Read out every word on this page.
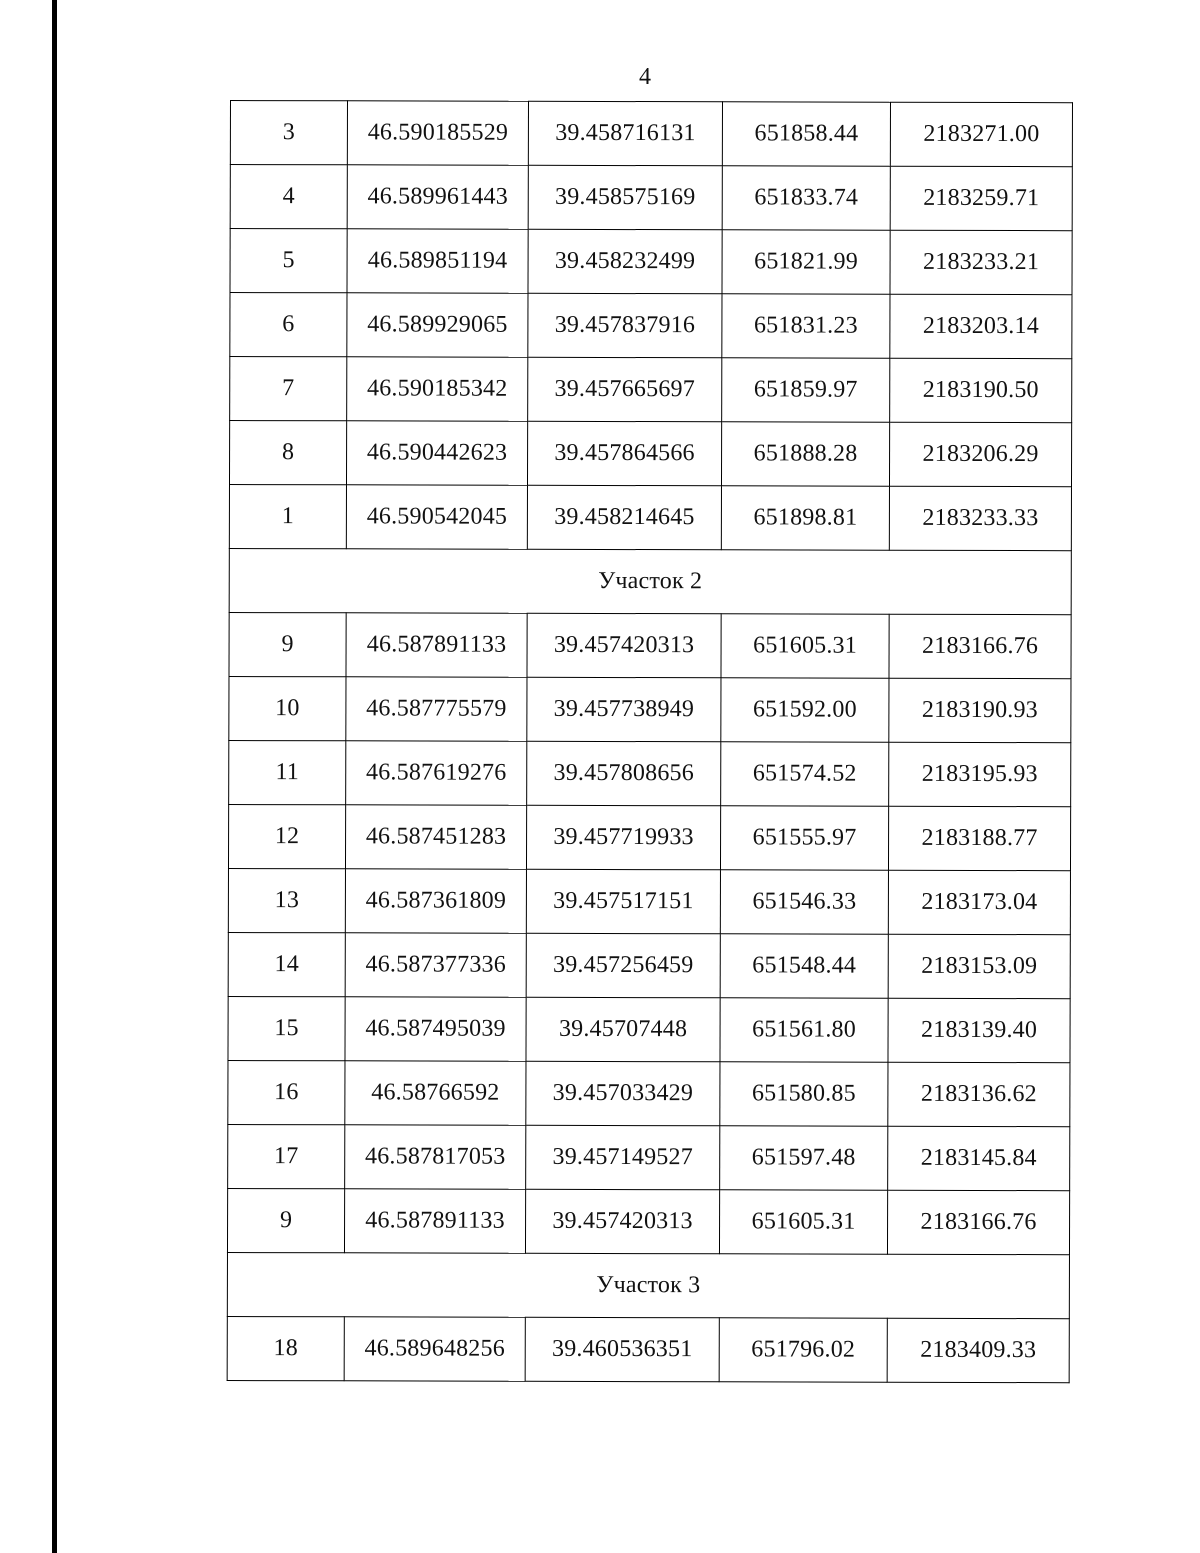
4
3	46.590185529	39.458716131	651858.44	2183271.00
4	46.589961443	39.458575169	651833.74	2183259.71
5	46.589851194	39.458232499	651821.99	2183233.21
6	46.589929065	39.457837916	651831.23	2183203.14
7	46.590185342	39.457665697	651859.97	2183190.50
8	46.590442623	39.457864566	651888.28	2183206.29
1	46.590542045	39.458214645	651898.81	2183233.33
Участок 2				
9	46.587891133	39.457420313	651605.31	2183166.76
10	46.587775579	39.457738949	651592.00	2183190.93
11	46.587619276	39.457808656	651574.52	2183195.93
12	46.587451283	39.457719933	651555.97	2183188.77
13	46.587361809	39.457517151	651546.33	2183173.04
14	46.587377336	39.457256459	651548.44	2183153.09
15	46.587495039	39.45707448	651561.80	2183139.40
16	46.58766592	39.457033429	651580.85	2183136.62
17	46.587817053	39.457149527	651597.48	2183145.84
9	46.587891133	39.457420313	651605.31	2183166.76
Участок 3				
18	46.589648256	39.460536351	651796.02	2183409.33
